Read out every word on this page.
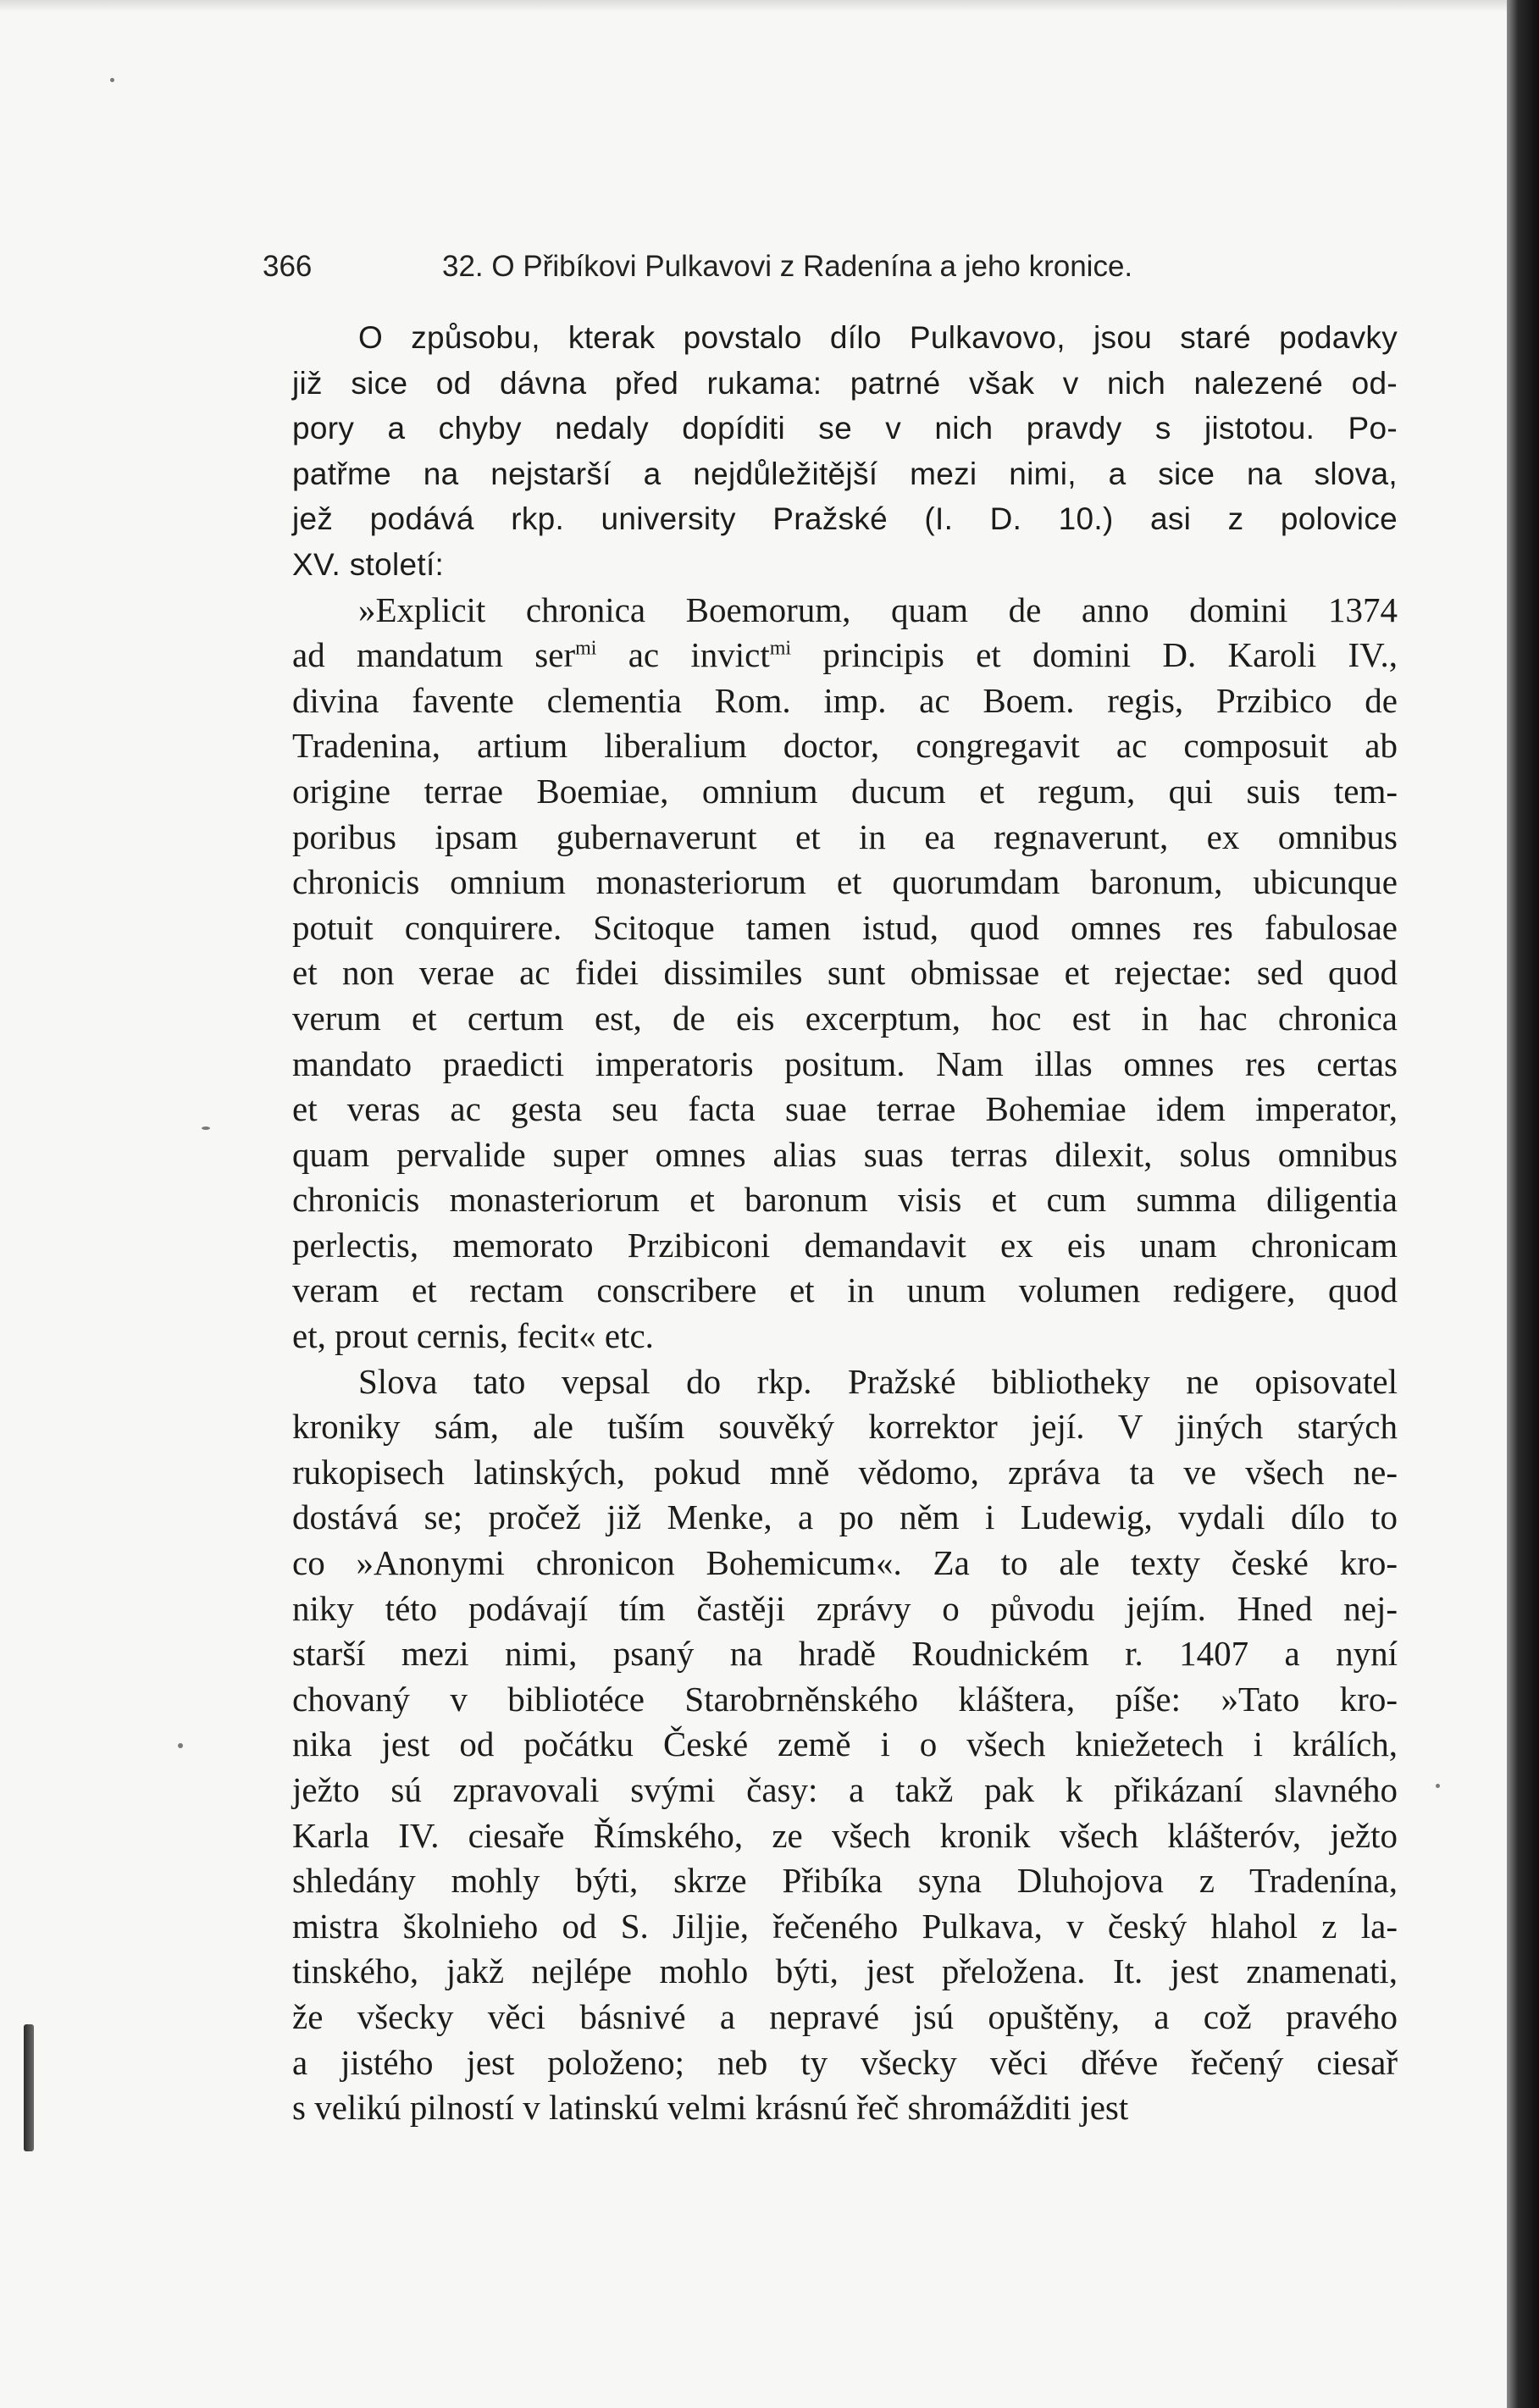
366	32. O Přibíkovi Pulkavovi z Radenína a jeho kronice.
O způsobu, kterak povstalo dílo Pulkavovo, jsou staré podavky
již sice od dávna před rukama: patrné však v nich nalezené od-
pory a chyby nedaly dopíditi se v nich pravdy s jistotou. Po-
patřme na nejstarší a nejdůležitější mezi nimi, a sice na slova,
jež podává rkp. university Pražské (I. D. 10.) asi z polovice
XV. století:
»Explicit chronica Boemorum, quam de anno domini 1374
ad mandatum ser$^{mi}$ ac invict$^{mi}$ principis et domini D. Karoli IV.,
divina favente clementia Rom. imp. ac Boem. regis, Przibico de
Tradenina, artium liberalium doctor, congregavit ac composuit ab
origine terrae Boemiae, omnium ducum et regum, qui suis tem-
poribus ipsam gubernaverunt et in ea regnaverunt, ex omnibus
chronicis omnium monasteriorum et quorumdam baronum, ubicunque
potuit conquirere. Scitoque tamen istud, quod omnes res fabulosae
et non verae ac fidei dissimiles sunt obmissae et rejectae: sed quod
verum et certum est, de eis excerptum, hoc est in hac chronica
mandato praedicti imperatoris positum. Nam illas omnes res certas
et veras ac gesta seu facta suae terrae Bohemiae idem imperator,
quam pervalide super omnes alias suas terras dilexit, solus omnibus
chronicis monasteriorum et baronum visis et cum summa diligentia
perlectis, memorato Przibiconi demandavit ex eis unam chronicam
veram et rectam conscribere et in unum volumen redigere, quod
et, prout cernis, fecit« etc.
Slova tato vepsal do rkp. Pražské bibliotheky ne opisovatel
kroniky sám, ale tuším souvěký korrektor její. V jiných starých
rukopisech latinských, pokud mně vědomo, zpráva ta ve všech ne-
dostává se; pročež již Menke, a po něm i Ludewig, vydali dílo to
co »Anonymi chronicon Bohemicum«. Za to ale texty české kro-
niky této podávají tím častěji zprávy o původu jejím. Hned nej-
starší mezi nimi, psaný na hradě Roudnickém r. 1407 a nyní
chovaný v bibliotéce Starobrněnského kláštera, píše: »Tato kro-
nika jest od počátku České země i o všech kniežetech i králích,
ježto sú zpravovali svými časy: a takž pak k přikázaní slavného
Karla IV. ciesaře Římského, ze všech kronik všech klášteróv, ježto
shledány mohly býti, skrze Přibíka syna Dluhojova z Tradenína,
mistra školnieho od S. Jiljie, řečeného Pulkava, v český hlahol z la-
tinského, jakž nejlépe mohlo býti, jest přeložena. It. jest znamenati,
že všecky věci básnivé a nepravé jsú opuštěny, a což pravého
a jistého jest položeno; neb ty všecky věci dřéve řečený ciesař
s velikú pilností v latinskú velmi krásnú řeč shromážditi jest
